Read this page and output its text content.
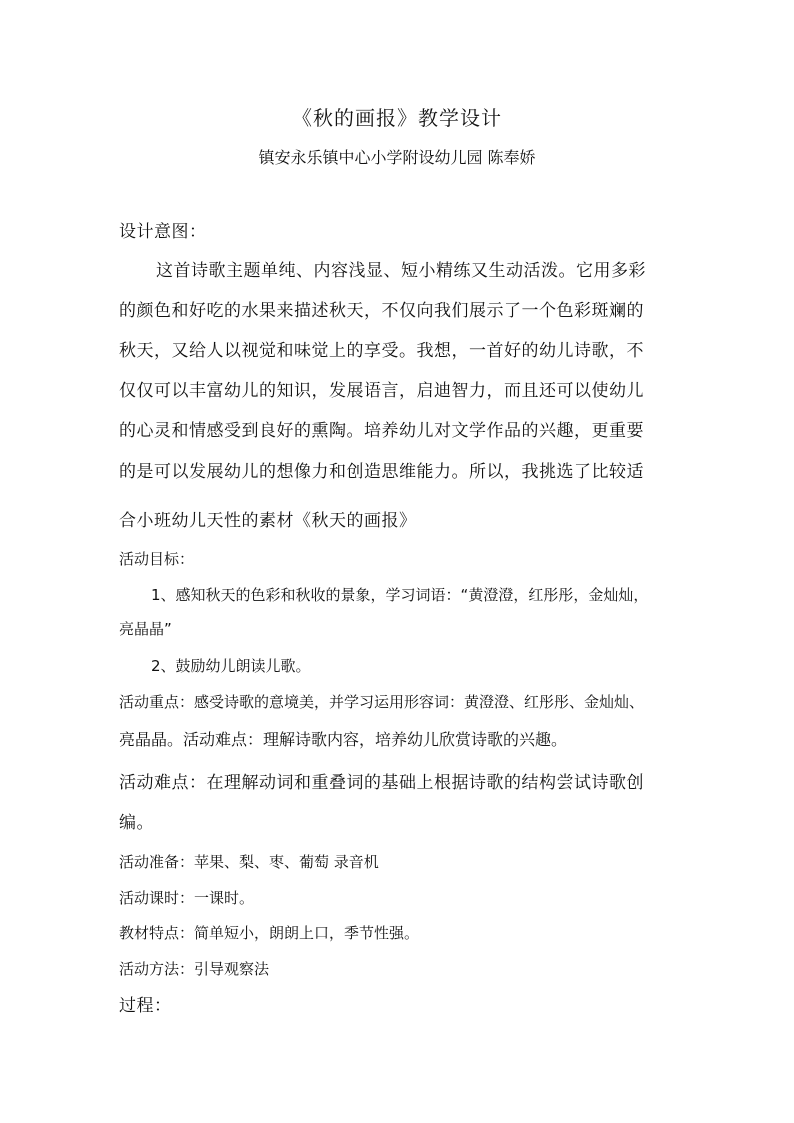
《秋的画报》教学设计
镇安永乐镇中心小学附设幼儿园 陈奉娇
设计意图：
这首诗歌主题单纯、内容浅显、短小精练又生动活泼。它用多彩
的颜色和好吃的水果来描述秋天，不仅向我们展示了一个色彩斑斓的
秋天，又给人以视觉和味觉上的享受。我想，一首好的幼儿诗歌，不
仅仅可以丰富幼儿的知识，发展语言，启迪智力，而且还可以使幼儿
的心灵和情感受到良好的熏陶。培养幼儿对文学作品的兴趣，更重要
的是可以发展幼儿的想像力和创造思维能力。所以，我挑选了比较适
合小班幼儿天性的素材《秋天的画报》
活动目标：
1、感知秋天的色彩和秋收的景象，学习词语：“黄澄澄，红彤彤，金灿灿，
亮晶晶”
2、鼓励幼儿朗读儿歌。
活动重点：感受诗歌的意境美，并学习运用形容词：黄澄澄、红彤彤、金灿灿、
亮晶晶。活动难点：理解诗歌内容，培养幼儿欣赏诗歌的兴趣。
活动难点：在理解动词和重叠词的基础上根据诗歌的结构尝试诗歌创
编。
活动准备：苹果、梨、枣、葡萄 录音机
活动课时：一课时。
教材特点：简单短小，朗朗上口，季节性强。
活动方法：引导观察法
过程：
